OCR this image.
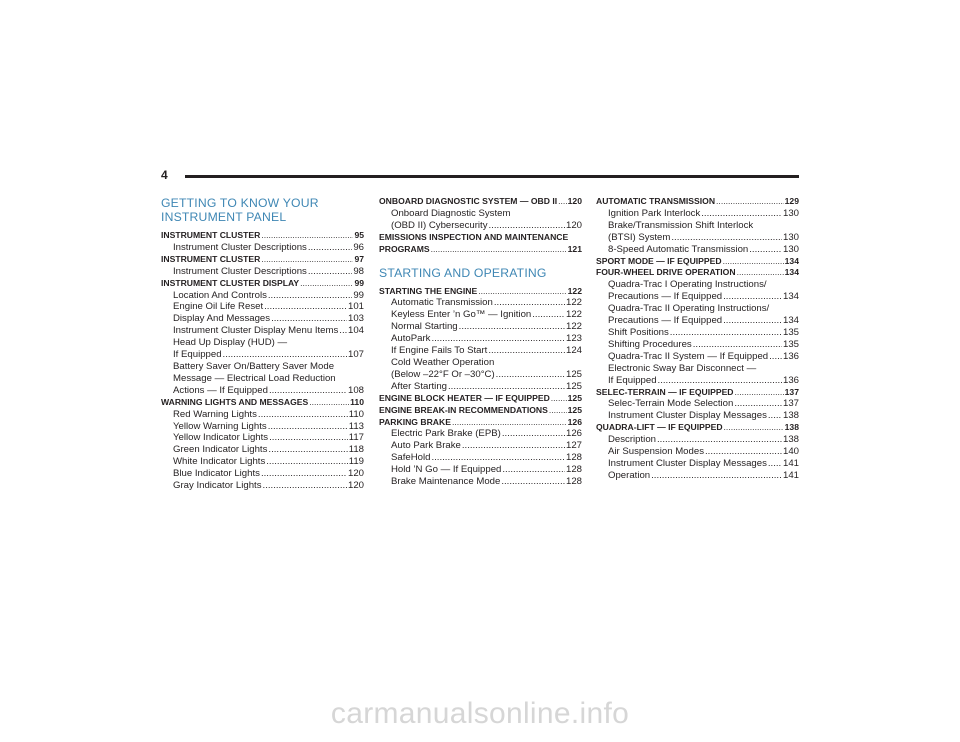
4
GETTING TO KNOW YOUR
INSTRUMENT PANEL
INSTRUMENT CLUSTER .....	95
Instrument Cluster Descriptions .....	96
INSTRUMENT CLUSTER .....	97
Instrument Cluster Descriptions .....	98
INSTRUMENT CLUSTER DISPLAY .....	99
Location And Controls .....	99
Engine Oil Life Reset .....	101
Display And Messages .....	103
Instrument Cluster Display Menu Items ..... 104
Head Up Display (HUD) —
If Equipped .....	107
Battery Saver On/Battery Saver Mode
Message — Electrical Load Reduction
Actions — If Equipped .....	108
WARNING LIGHTS AND MESSAGES .....	110
Red Warning Lights .....	110
Yellow Warning Lights .....	113
Yellow Indicator Lights .....	117
Green Indicator Lights .....	118
White Indicator Lights .....	119
Blue Indicator Lights .....	120
Gray Indicator Lights .....	120
ONBOARD DIAGNOSTIC SYSTEM — OBD II ..... 120
Onboard Diagnostic System
(OBD II) Cybersecurity .....	120
EMISSIONS INSPECTION AND MAINTENANCE
PROGRAMS .....	121
STARTING AND OPERATING
STARTING THE ENGINE .....	122
Automatic Transmission .....	122
Keyless Enter ’n Go™ — Ignition .....	122
Normal Starting .....	122
AutoPark .....	123
If Engine Fails To Start .....	124
Cold Weather Operation
(Below –22°F Or –30°C) .....	125
After Starting .....	125
ENGINE BLOCK HEATER — IF EQUIPPED ..... 125
ENGINE BREAK-IN RECOMMENDATIONS ..... 125
PARKING BRAKE .....	126
Electric Park Brake (EPB) .....	126
Auto Park Brake .....	127
SafeHold .....	128
Hold ’N Go — If Equipped .....	128
Brake Maintenance Mode .....	128
AUTOMATIC TRANSMISSION .....	129
Ignition Park Interlock .....	130
Brake/Transmission Shift Interlock
(BTSI) System .....	130
8-Speed Automatic Transmission .....	130
SPORT MODE — IF EQUIPPED .....	134
FOUR-WHEEL DRIVE OPERATION .....	134
Quadra-Trac I Operating Instructions/
Precautions — If Equipped .....	134
Quadra-Trac II Operating Instructions/
Precautions — If Equipped .....	134
Shift Positions .....	135
Shifting Procedures .....	135
Quadra-Trac II System — If Equipped ..... 136
Electronic Sway Bar Disconnect —
If Equipped .....	136
SELEC-TERRAIN — IF EQUIPPED .....	137
Selec-Terrain Mode Selection .....	137
Instrument Cluster Display Messages ..... 138
QUADRA-LIFT — IF EQUIPPED .....	138
Description .....	138
Air Suspension Modes .....	140
Instrument Cluster Display Messages ..... 141
Operation .....	141
carmanualsonline.info
